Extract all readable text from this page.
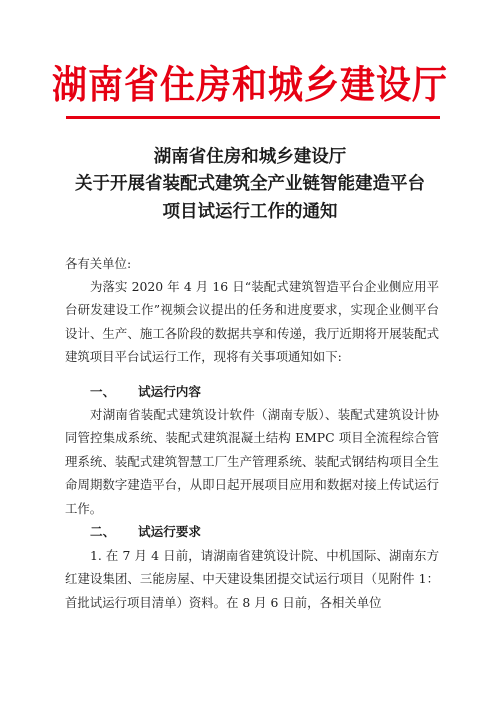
湖南省住房和城乡建设厅
湖南省住房和城乡建设厅
关于开展省装配式建筑全产业链智能建造平台
项目试运行工作的通知
各有关单位:
为落实 2020 年 4 月 16 日“装配式建筑智造平台企业侧应用平台研发建设工作”视频会议提出的任务和进度要求，实现企业侧平台设计、生产、施工各阶段的数据共享和传递，我厅近期将开展装配式建筑项目平台试运行工作，现将有关事项通知如下:
一、 试运行内容
对湖南省装配式建筑设计软件（湖南专版）、装配式建筑设计协同管控集成系统、装配式建筑混凝土结构 EMPC 项目全流程综合管理系统、装配式建筑智慧工厂生产管理系统、装配式钢结构项目全生命周期数字建造平台，从即日起开展项目应用和数据对接上传试运行工作。
二、 试运行要求
1. 在 7 月 4 日前，请湖南省建筑设计院、中机国际、湖南东方红建设集团、三能房屋、中天建设集团提交试运行项目（见附件 1：首批试运行项目清单）资料。在 8 月 6 日前，各相关单位
